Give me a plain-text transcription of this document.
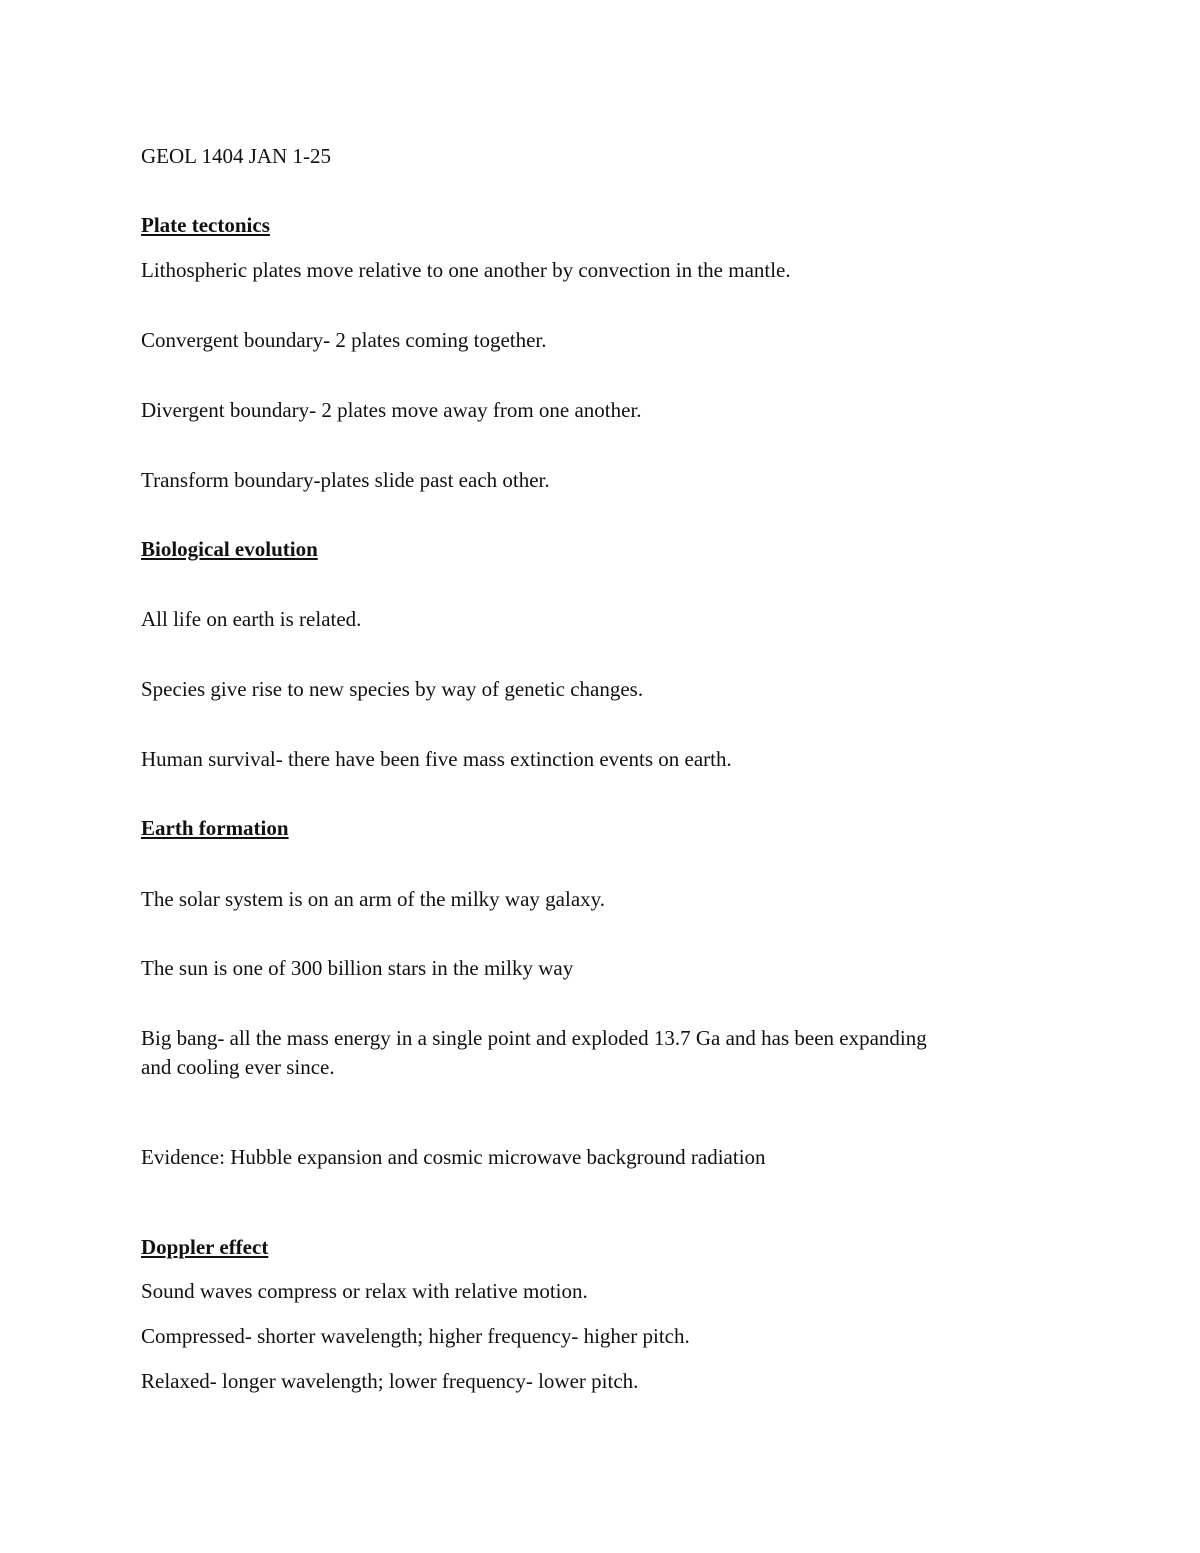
GEOL 1404 JAN 1-25

Plate tectonics

Lithospheric plates move relative to one another by convection in the mantle.

Convergent boundary- 2 plates coming together.

Divergent boundary- 2 plates move away from one another.

Transform boundary-plates slide past each other.

Biological evolution

All life on earth is related.

Species give rise to new species by way of genetic changes.

Human survival- there have been five mass extinction events on earth.

Earth formation

The solar system is on an arm of the milky way galaxy.

The sun is one of 300 billion stars in the milky way

Big bang- all the mass energy in a single point and exploded 13.7 Ga and has been expanding

and cooling ever since.

Evidence: Hubble expansion and cosmic microwave background radiation

Doppler effect

Sound waves compress or relax with relative motion.

Compressed- shorter wavelength; higher frequency- higher pitch.

Relaxed- longer wavelength; lower frequency- lower pitch.
